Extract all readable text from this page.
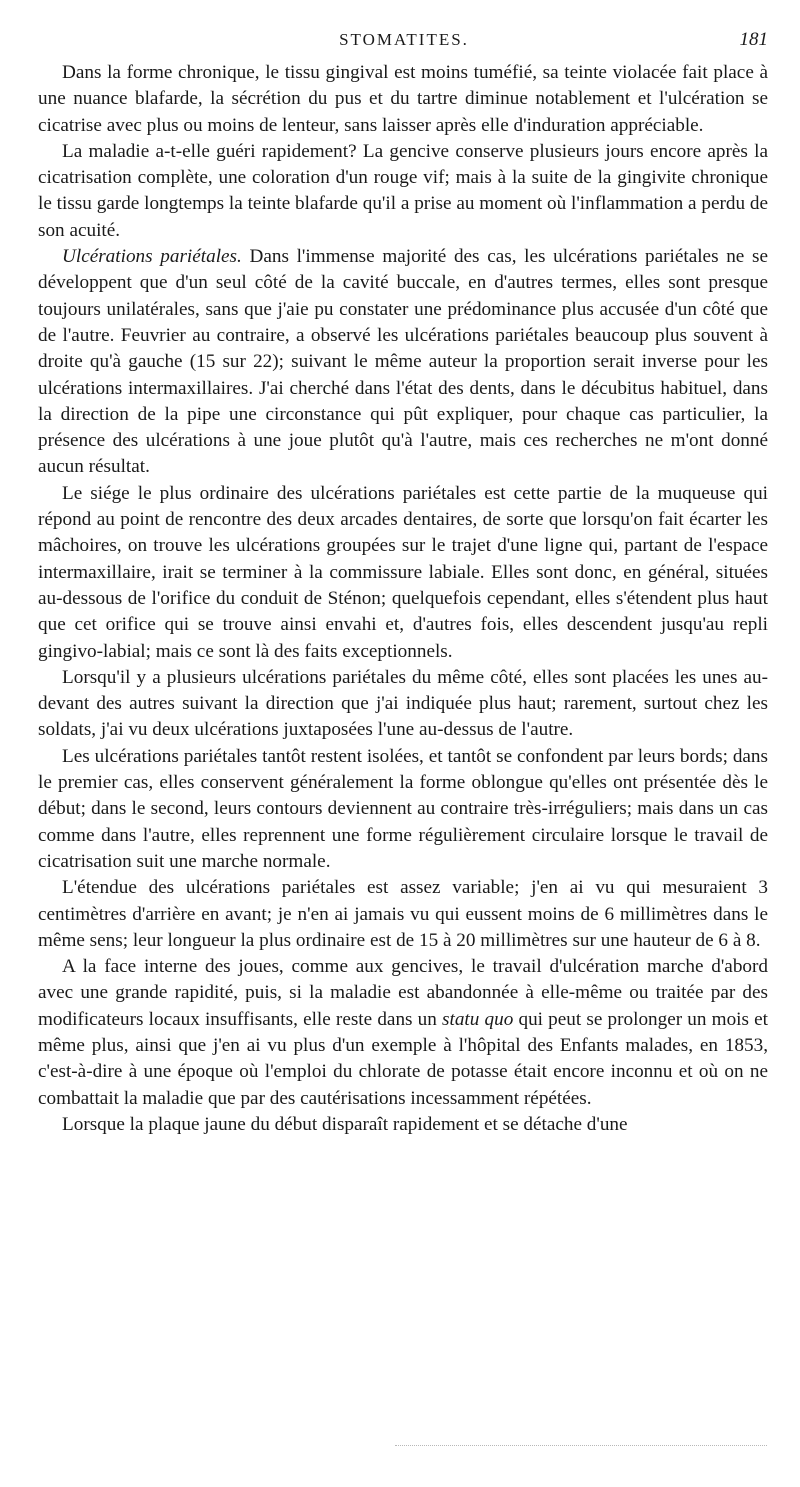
STOMATITES.	181

Dans la forme chronique, le tissu gingival est moins tuméfié, sa teinte violacée fait place à une nuance blafarde, la sécrétion du pus et du tartre diminue notablement et l'ulcération se cicatrise avec plus ou moins de lenteur, sans laisser après elle d'induration appréciable.

La maladie a-t-elle guéri rapidement? La gencive conserve plusieurs jours encore après la cicatrisation complète, une coloration d'un rouge vif; mais à la suite de la gingivite chronique le tissu garde longtemps la teinte blafarde qu'il a prise au moment où l'inflammation a perdu de son acuité.

Ulcérations pariétales. Dans l'immense majorité des cas, les ulcérations pariétales ne se développent que d'un seul côté de la cavité buccale, en d'autres termes, elles sont presque toujours unilatérales, sans que j'aie pu constater une prédominance plus accusée d'un côté que de l'autre. Feuvrier au contraire, a observé les ulcérations pariétales beaucoup plus souvent à droite qu'à gauche (15 sur 22); suivant le même auteur la proportion serait inverse pour les ulcérations intermaxillaires. J'ai cherché dans l'état des dents, dans le décubitus habituel, dans la direction de la pipe une circonstance qui pût expliquer, pour chaque cas particulier, la présence des ulcérations à une joue plutôt qu'à l'autre, mais ces recherches ne m'ont donné aucun résultat.

Le siége le plus ordinaire des ulcérations pariétales est cette partie de la muqueuse qui répond au point de rencontre des deux arcades dentaires, de sorte que lorsqu'on fait écarter les mâchoires, on trouve les ulcérations groupées sur le trajet d'une ligne qui, partant de l'espace intermaxillaire, irait se terminer à la commissure labiale. Elles sont donc, en général, situées au-dessous de l'orifice du conduit de Sténon; quelquefois cependant, elles s'étendent plus haut que cet orifice qui se trouve ainsi envahi et, d'autres fois, elles descendent jusqu'au repli gingivo-labial; mais ce sont là des faits exceptionnels.

Lorsqu'il y a plusieurs ulcérations pariétales du même côté, elles sont placées les unes au-devant des autres suivant la direction que j'ai indiquée plus haut; rarement, surtout chez les soldats, j'ai vu deux ulcérations juxtaposées l'une au-dessus de l'autre.

Les ulcérations pariétales tantôt restent isolées, et tantôt se confondent par leurs bords; dans le premier cas, elles conservent généralement la forme oblongue qu'elles ont présentée dès le début; dans le second, leurs contours deviennent au contraire très-irréguliers; mais dans un cas comme dans l'autre, elles reprennent une forme régulièrement circulaire lorsque le travail de cicatrisation suit une marche normale.

L'étendue des ulcérations pariétales est assez variable; j'en ai vu qui mesuraient 3 centimètres d'arrière en avant; je n'en ai jamais vu qui eussent moins de 6 millimètres dans le même sens; leur longueur la plus ordinaire est de 15 à 20 millimètres sur une hauteur de 6 à 8.

A la face interne des joues, comme aux gencives, le travail d'ulcération marche d'abord avec une grande rapidité, puis, si la maladie est abandonnée à elle-même ou traitée par des modificateurs locaux insuffisants, elle reste dans un statu quo qui peut se prolonger un mois et même plus, ainsi que j'en ai vu plus d'un exemple à l'hôpital des Enfants malades, en 1853, c'est-à-dire à une époque où l'emploi du chlorate de potasse était encore inconnu et où on ne combattait la maladie que par des cautérisations incessamment répétées.

Lorsque la plaque jaune du début disparaît rapidement et se détache d'une
